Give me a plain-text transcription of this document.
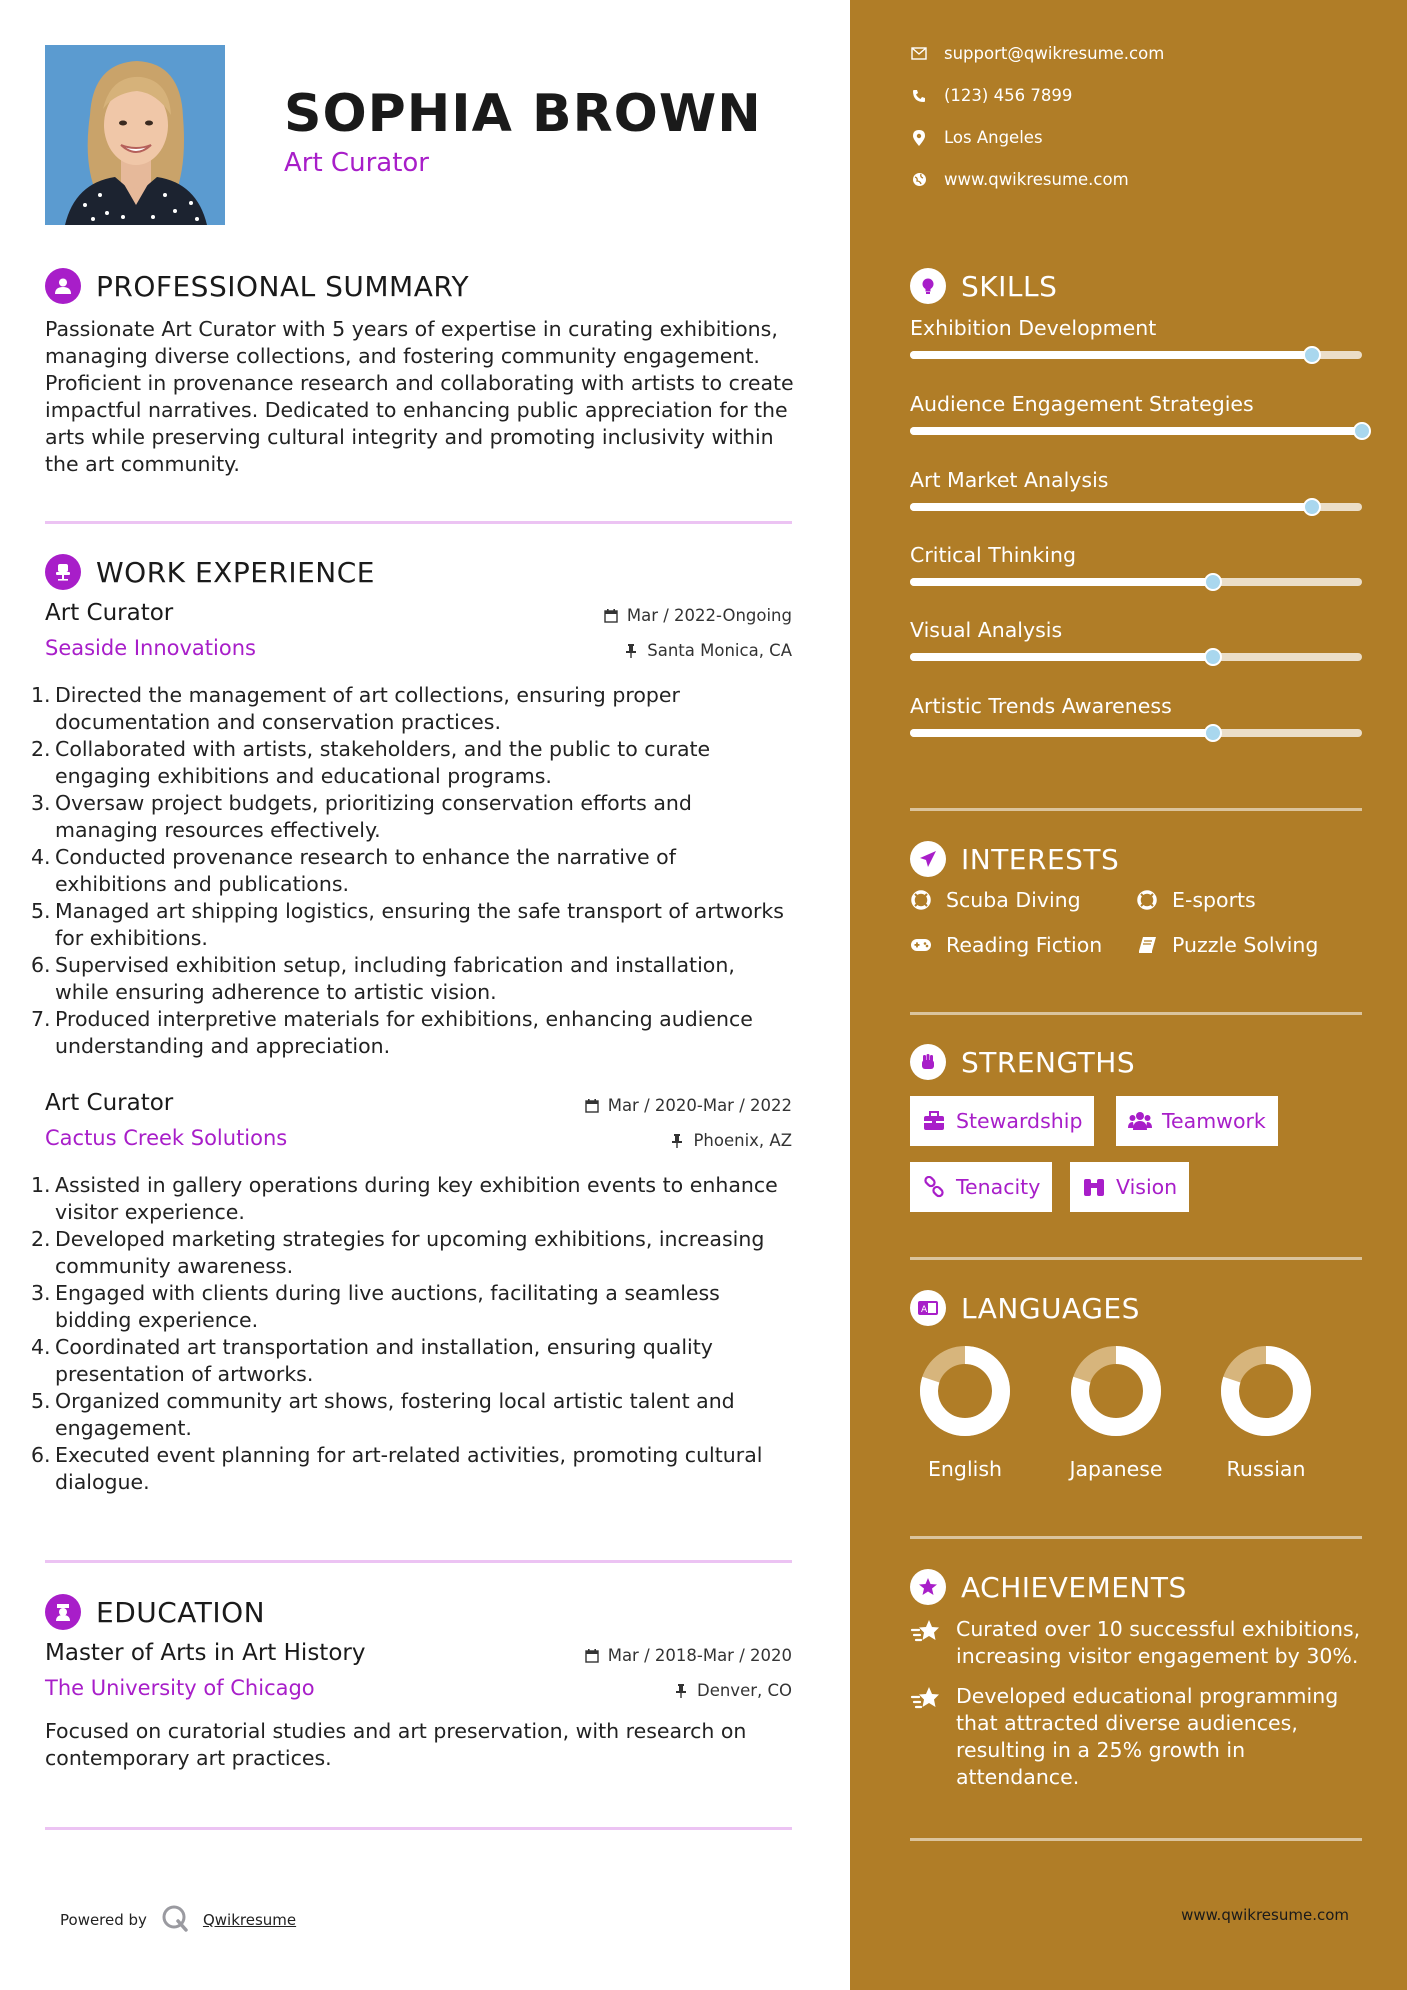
SOPHIA BROWN
Art Curator
PROFESSIONAL SUMMARY
Passionate Art Curator with 5 years of expertise in curating exhibitions, managing diverse collections, and fostering community engagement. Proficient in provenance research and collaborating with artists to create impactful narratives. Dedicated to enhancing public appreciation for the arts while preserving cultural integrity and promoting inclusivity within the art community.
WORK EXPERIENCE
Art Curator	Mar / 2022-Ongoing
Seaside Innovations	Santa Monica, CA
1. Directed the management of art collections, ensuring proper documentation and conservation practices.
2. Collaborated with artists, stakeholders, and the public to curate engaging exhibitions and educational programs.
3. Oversaw project budgets, prioritizing conservation efforts and managing resources effectively.
4. Conducted provenance research to enhance the narrative of exhibitions and publications.
5. Managed art shipping logistics, ensuring the safe transport of artworks for exhibitions.
6. Supervised exhibition setup, including fabrication and installation, while ensuring adherence to artistic vision.
7. Produced interpretive materials for exhibitions, enhancing audience understanding and appreciation.
Art Curator	Mar / 2020-Mar / 2022
Cactus Creek Solutions	Phoenix, AZ
1. Assisted in gallery operations during key exhibition events to enhance visitor experience.
2. Developed marketing strategies for upcoming exhibitions, increasing community awareness.
3. Engaged with clients during live auctions, facilitating a seamless bidding experience.
4. Coordinated art transportation and installation, ensuring quality presentation of artworks.
5. Organized community art shows, fostering local artistic talent and engagement.
6. Executed event planning for art-related activities, promoting cultural dialogue.
EDUCATION
Master of Arts in Art History	Mar / 2018-Mar / 2020
The University of Chicago	Denver, CO
Focused on curatorial studies and art preservation, with research on contemporary art practices.
Powered by	Qwikresume
support@qwikresume.com
(123) 456 7899
Los Angeles
www.qwikresume.com
SKILLS
Exhibition Development
Audience Engagement Strategies
Art Market Analysis
Critical Thinking
Visual Analysis
Artistic Trends Awareness
INTERESTS
Scuba Diving	E-sports
Reading Fiction	Puzzle Solving
STRENGTHS
Stewardship	Teamwork
Tenacity	Vision
A LANGUAGES
English	Japanese	Russian
ACHIEVEMENTS
Curated over 10 successful exhibitions, increasing visitor engagement by 30%.
Developed educational programming that attracted diverse audiences, resulting in a 25% growth in attendance.
www.qwikresume.com
